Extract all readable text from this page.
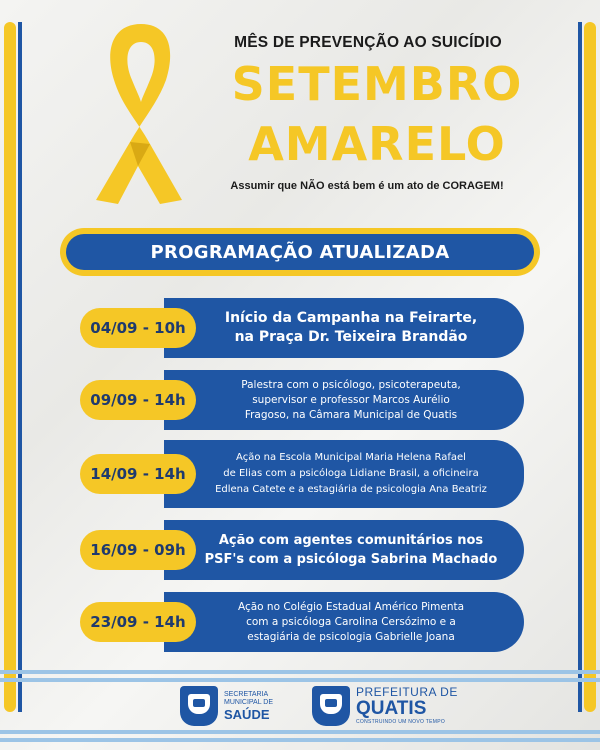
MÊS DE PREVENÇÃO AO SUICÍDIO
SETEMBRO
AMARELO
Assumir que NÃO está bem é um ato de CORAGEM!
PROGRAMAÇÃO ATUALIZADA
04/09 - 10h
Início da Campanha na Feirarte,
na Praça Dr. Teixeira Brandão
09/09 - 14h
Palestra com o psicólogo, psicoterapeuta,
supervisor e professor Marcos Aurélio
Fragoso, na Câmara Municipal de Quatis
14/09 - 14h
Ação na Escola Municipal Maria Helena Rafael
de Elias com a psicóloga Lidiane Brasil, a oficineira
Edlena Catete e a estagiária de psicologia Ana Beatriz
16/09 - 09h
Ação com agentes comunitários nos
PSF's com a psicóloga Sabrina Machado
23/09 - 14h
Ação no Colégio Estadual Américo Pimenta
com a psicóloga Carolina Cersózimo e a
estagiária de psicologia Gabrielle Joana
SECRETARIA
MUNICIPAL DE
SAÚDE
PREFEITURA DE
QUATIS
CONSTRUINDO UM NOVO TEMPO
